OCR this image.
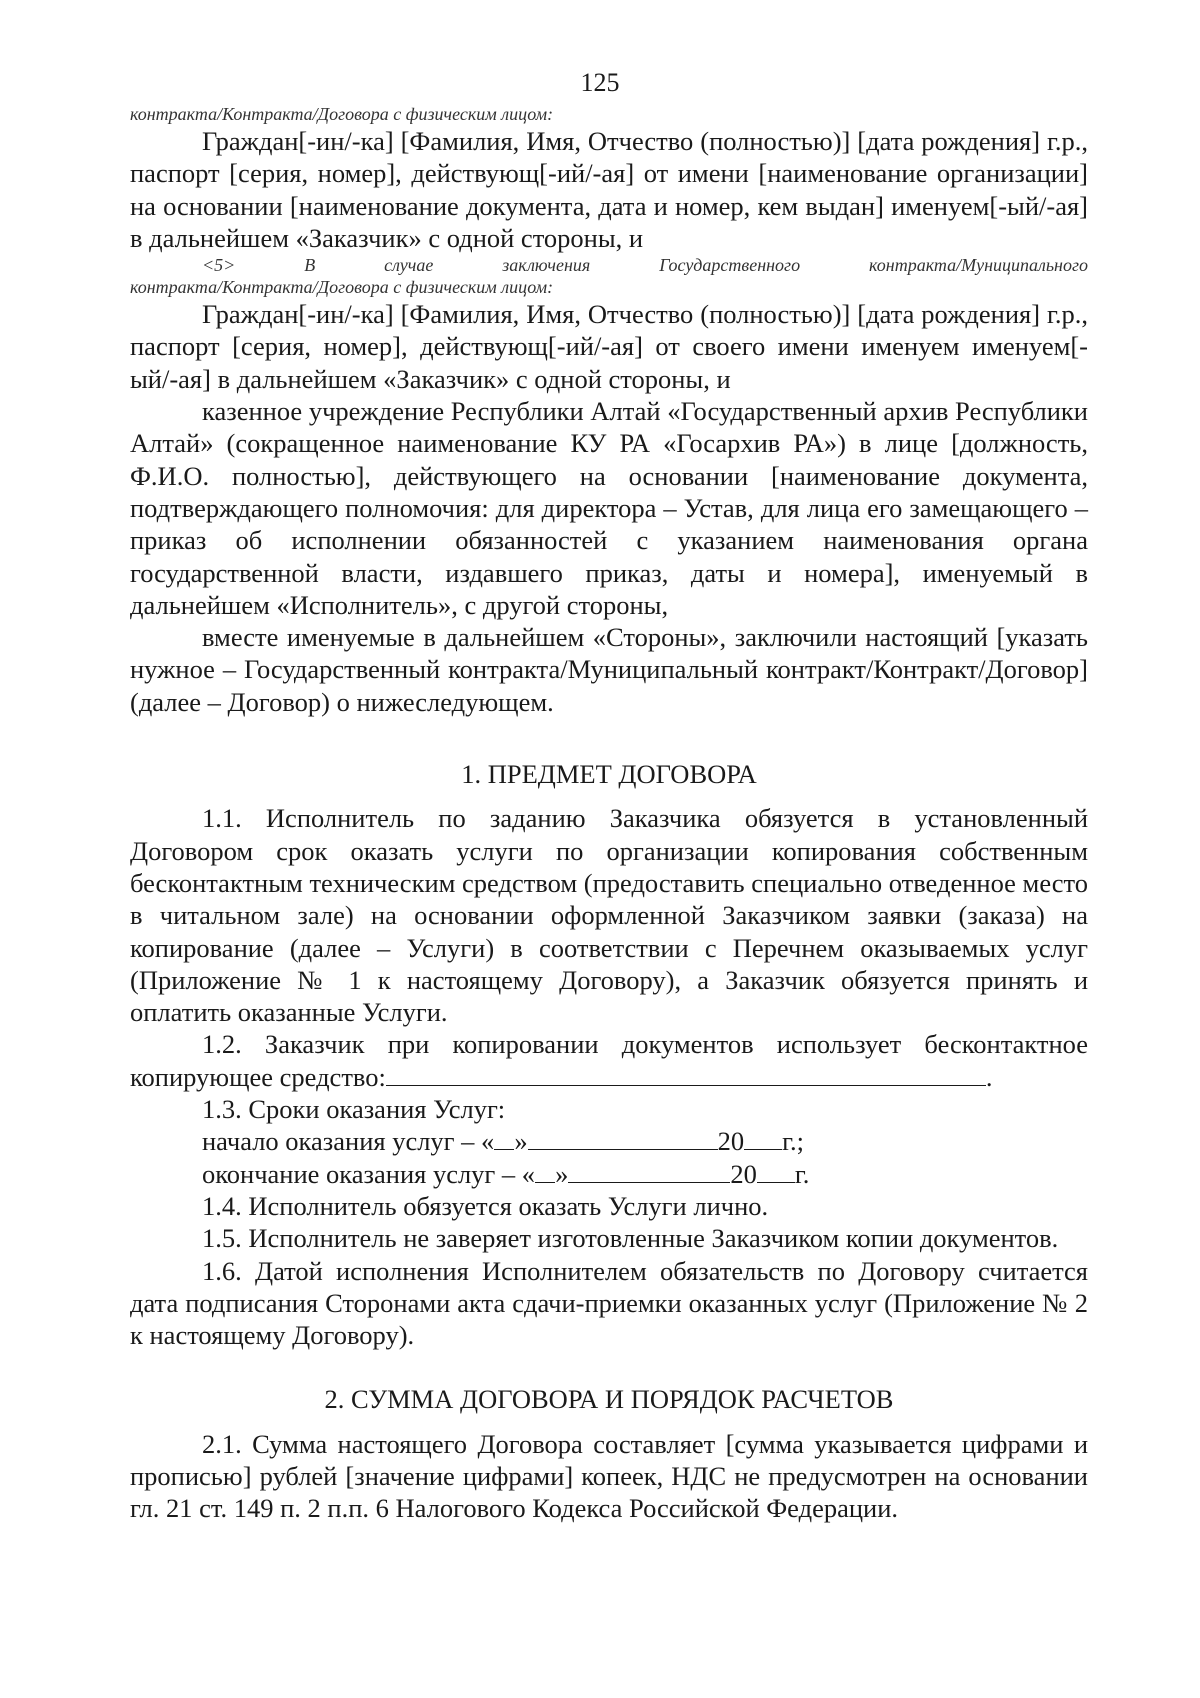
125

контракта/Контракта/Договора с физическим лицом:

Граждан[-ин/-ка] [Фамилия, Имя, Отчество (полностью)] [дата рождения] г.р., паспорт [серия, номер], действующ[-ий/-ая] от имени [наименование организации] на основании [наименование документа, дата и номер, кем выдан] именуем[-ый/-ая] в дальнейшем «Заказчик» с одной стороны, и

<5> В случае заключения Государственного контракта/Муниципального

контракта/Контракта/Договора с физическим лицом:

Граждан[-ин/-ка] [Фамилия, Имя, Отчество (полностью)] [дата рождения] г.р., паспорт [серия, номер], действующ[-ий/-ая] от своего имени именуем именуем[-ый/-ая] в дальнейшем «Заказчик» с одной стороны, и

казенное учреждение Республики Алтай «Государственный архив Республики Алтай» (сокращенное наименование КУ РА «Госархив РА») в лице [должность, Ф.И.О. полностью], действующего на основании [наименование документа, подтверждающего полномочия: для директора – Устав, для лица его замещающего – приказ об исполнении обязанностей с указанием наименования органа государственной власти, издавшего приказ, даты и номера], именуемый в дальнейшем «Исполнитель», с другой стороны,

вместе именуемые в дальнейшем «Стороны», заключили настоящий [указать нужное – Государственный контракта/Муниципальный контракт/Контракт/Договор] (далее – Договор) о нижеследующем.

1. ПРЕДМЕТ ДОГОВОРА

1.1. Исполнитель по заданию Заказчика обязуется в установленный Договором срок оказать услуги по организации копирования собственным бесконтактным техническим средством (предоставить специально отведенное место в читальном зале) на основании оформленной Заказчиком заявки (заказа) на копирование (далее – Услуги) в соответствии с Перечнем оказываемых услуг (Приложение № 1 к настоящему Договору), а Заказчик обязуется принять и оплатить оказанные Услуги.

1.2. Заказчик при копировании документов использует бесконтактное

копирующее средство:	.

1.3. Сроки оказания Услуг:

начало оказания услуг – « »	20 г.;

окончание оказания услуг – « »	20 г.

1.4. Исполнитель обязуется оказать Услуги лично.

1.5. Исполнитель не заверяет изготовленные Заказчиком копии документов.

1.6. Датой исполнения Исполнителем обязательств по Договору считается дата подписания Сторонами акта сдачи-приемки оказанных услуг (Приложение № 2 к настоящему Договору).

2. СУММА ДОГОВОРА И ПОРЯДОК РАСЧЕТОВ

2.1. Сумма настоящего Договора составляет [сумма указывается цифрами и прописью] рублей [значение цифрами] копеек, НДС не предусмотрен на основании гл. 21 ст. 149 п. 2 п.п. 6 Налогового Кодекса Российской Федерации.
